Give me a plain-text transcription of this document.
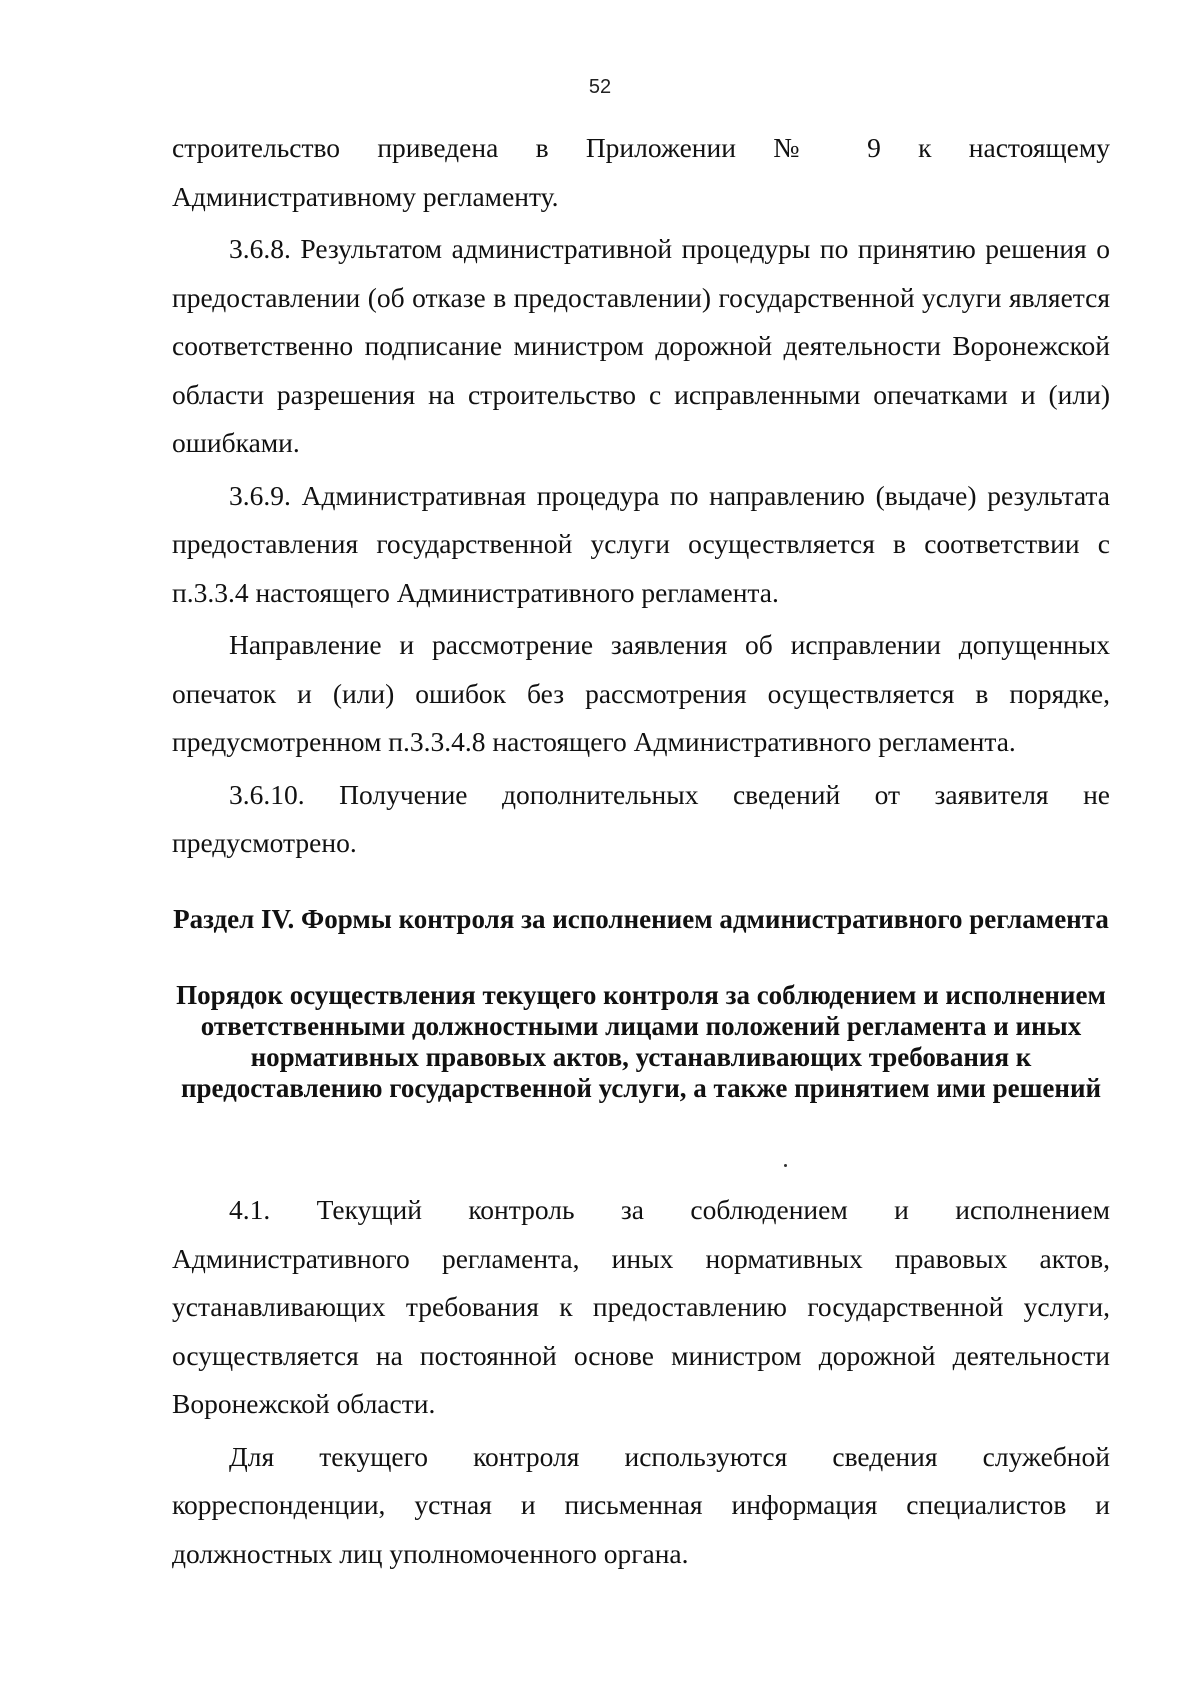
52

строительство приведена в Приложении № 9 к настоящему Административному регламенту.

3.6.8. Результатом административной процедуры по принятию решения о предоставлении (об отказе в предоставлении) государственной услуги является соответственно подписание министром дорожной деятельности Воронежской области разрешения на строительство с исправленными опечатками и (или) ошибками.

3.6.9. Административная процедура по направлению (выдаче) результата предоставления государственной услуги осуществляется в соответствии с п.3.3.4 настоящего Административного регламента.

Направление и рассмотрение заявления об исправлении допущенных опечаток и (или) ошибок без рассмотрения осуществляется в порядке, предусмотренном п.3.3.4.8 настоящего Административного регламента.

3.6.10. Получение дополнительных сведений от заявителя не предусмотрено.

Раздел IV. Формы контроля за исполнением административного регламента
Порядок осуществления текущего контроля за соблюдением и исполнением ответственными должностными лицами положений регламента и иных нормативных правовых актов, устанавливающих требования к предоставлению государственной услуги, а также принятием ими решений

4.1. Текущий контроль за соблюдением и исполнением Административного регламента, иных нормативных правовых актов, устанавливающих требования к предоставлению государственной услуги, осуществляется на постоянной основе министром дорожной деятельности Воронежской области.

Для текущего контроля используются сведения служебной корреспонденции, устная и письменная информация специалистов и должностных лиц уполномоченного органа.
